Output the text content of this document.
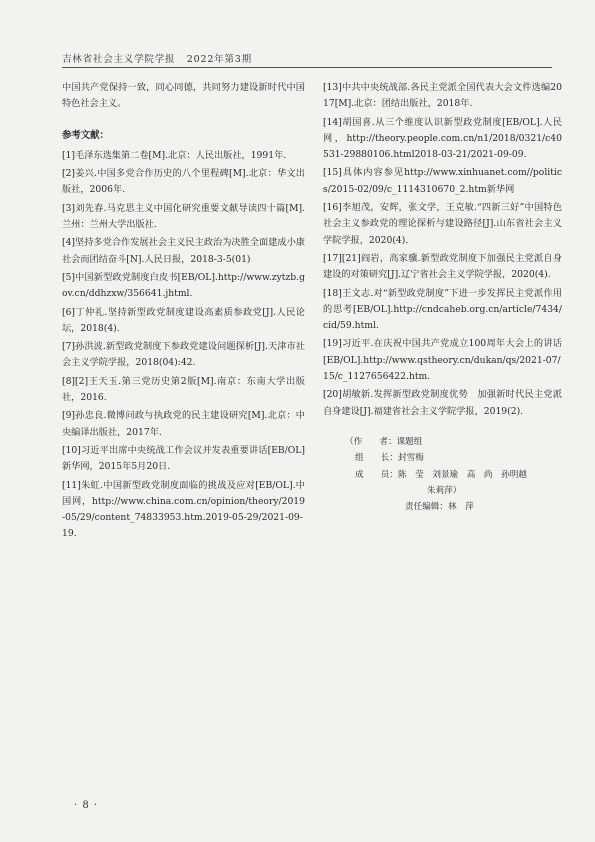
吉林省社会主义学院学报 2022年第3期

中国共产党保持一致，同心同德，共同努力建设新时代中国特色社会主义。

参考文献：

[1]毛泽东选集第二卷[M].北京：人民出版社，1991年.

[2]姜兴.中国多党合作历史的八个里程碑[M].北京：华文出版社，2006年.

[3]刘先春.马克思主义中国化研究重要文献导读四十篇[M].兰州：兰州大学出版社.

[4]坚持多党合作发展社会主义民主政治为决胜全面建成小康社会而团结奋斗[N].人民日报，2018-3-5(01)

[5]中国新型政党制度白皮书[EB/OL].http://www.zytzb.gov.cn/ddhzxw/356641.jhtml.

[6]丁仲礼.坚持新型政党制度建设高素质参政党[J].人民论坛，2018(4).

[7]孙洪波.新型政党制度下参政党建设问题探析[J].天津市社会主义学院学报，2018(04):42.

[8][2]王天玉.第三党历史第2版[M].南京：东南大学出版社，2016.

[9]孙忠良.微博问政与执政党的民主建设研究[M].北京：中央编译出版社，2017年.

[10]习近平出席中央统战工作会议并发表重要讲话[EB/OL]新华网，2015年5月20日.

[11]朱虹.中国新型政党制度面临的挑战及应对[EB/OL].中国网，http://www.china.com.cn/opinion/theory/2019-05/29/content_74833953.htm.2019-05-29/2021-09-19.

[13]中共中央统战部.各民主党派全国代表大会文件选编2017[M].北京：团结出版社，2018年.

[14]胡国喜.从三个维度认识新型政党制度[EB/OL].人民网，http://theory.people.com.cn/n1/2018/0321/c40531-29880106.html2018-03-21/2021-09-09.

[15]具体内容参见http://www.xinhuanet.com//politics/2015-02/09/c_1114310670_2.htm新华网

[16]李旭茂，安辉，张文学，王克敏.“四新三好”中国特色社会主义参政党的理论探析与建设路径[J].山东省社会主义学院学报，2020(4).

[17][21]阎岩，高家骥.新型政党制度下加强民主党派自身建设的对策研究[J].辽宁省社会主义学院学报，2020(4).

[18]王文志.对“新型政党制度”下进一步发挥民主党派作用的思考[EB/OL].http://cndcaheb.org.cn/article/7434/cid/59.html.

[19]习近平.在庆祝中国共产党成立100周年大会上的讲话[EB/OL].http://www.qstheory.cn/dukan/qs/2021-07/15/c_1127656422.htm.

[20]胡敏新.发挥新型政党制度优势　加强新时代民主党派自身建设[J].福建省社会主义学院学报，2019(2).

（作　　者： 课题组
组　　长： 封雪梅
成　　员： 陈　莹　刘景瑜　高　尚　孙明越
朱莉萍）
责任编辑： 林　萍
· 8 ·
